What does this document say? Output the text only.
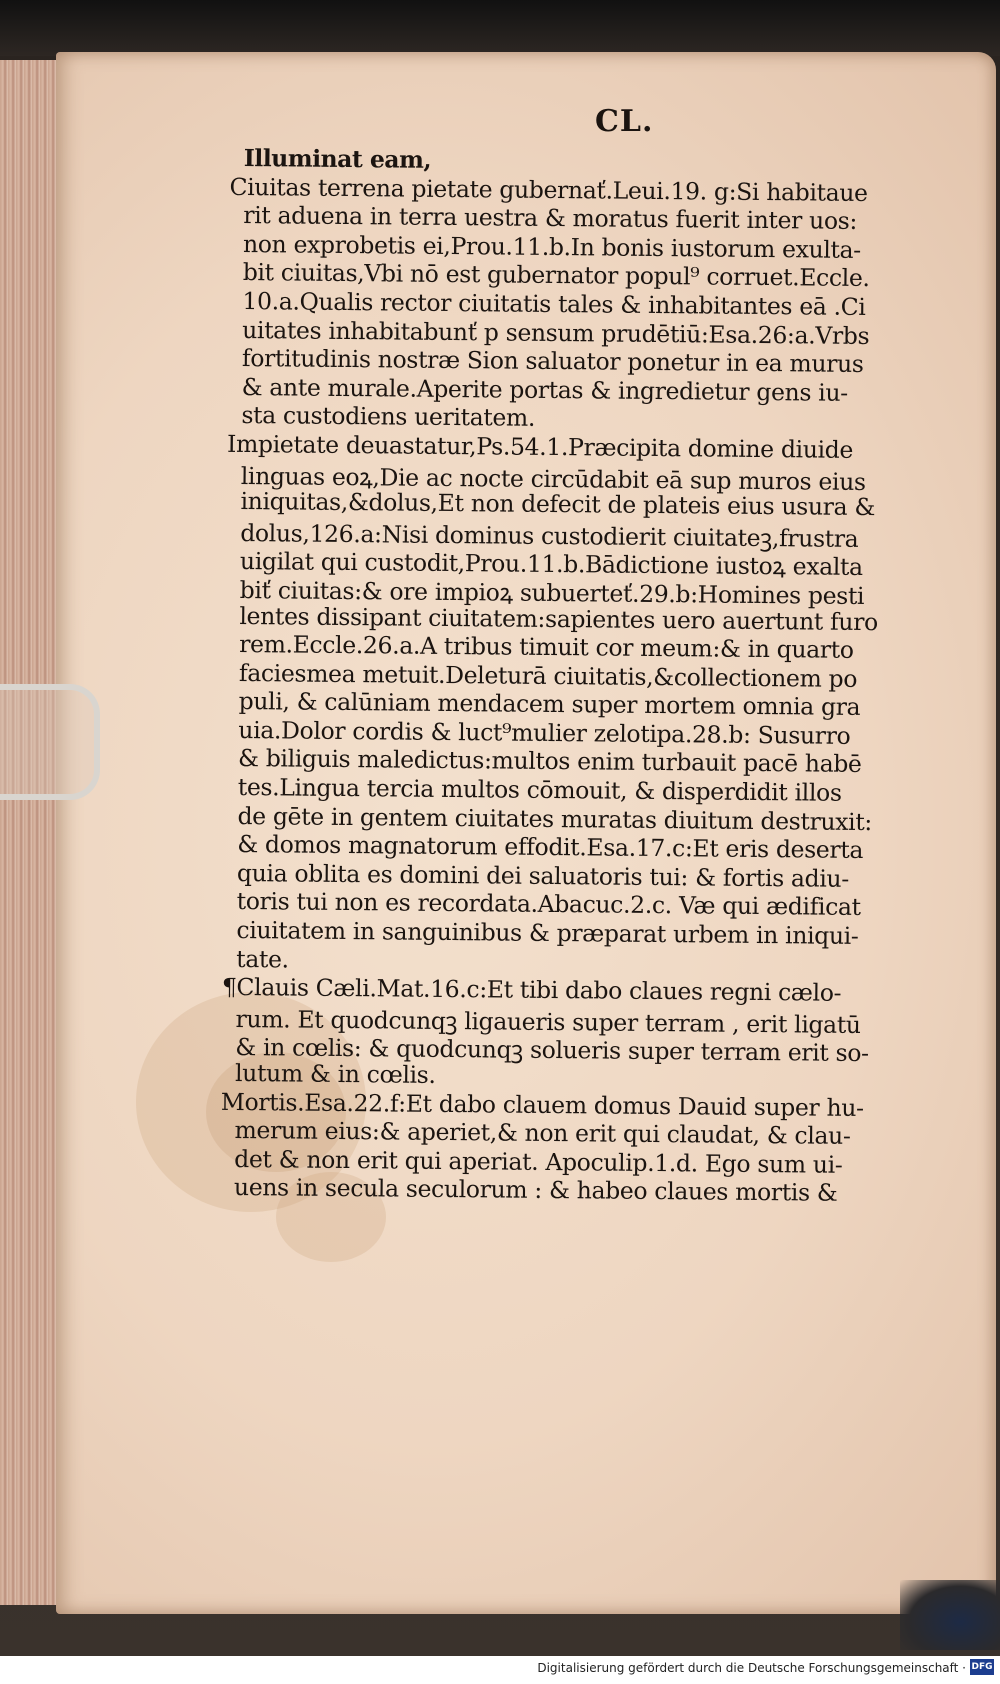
CL.
Illuminat eam,
Ciuitas terrena pietate gubernať.Leui.19. g:Si habitaue
rit aduena in terra uestra & moratus fuerit inter uos:
non exprobetis ei,Prou.11.b.In bonis iustorum exulta-
bit ciuitas,Vbi nō est gubernator popul⁹ corruet.Eccle.
10.a.Qualis rector ciuitatis tales & inhabitantes eā .Ci
uitates inhabitabunť p sensum prudētiū:Esa.26:a.Vrbs
fortitudinis nostræ Sion saluator ponetur in ea murus
& ante murale.Aperite portas & ingredietur gens iu-
sta custodiens ueritatem.
Impietate deuastatur,Ps.54.1.Præcipita domine diuide
linguas eoꝝ,Die ac nocte circūdabit eā sup muros eius
iniquitas,&dolus,Et non defecit de plateis eius usura &
dolus,126.a:Nisi dominus custodierit ciuitateꝫ,frustra
uigilat qui custodit,Prou.11.b.Bādictione iustoꝝ exalta
biť ciuitas:& ore impioꝝ subuerteť.29.b:Homines pesti
lentes dissipant ciuitatem:sapientes uero auertunt furo
rem.Eccle.26.a.A tribus timuit cor meum:& in quarto
faciesmea metuit.Deleturā ciuitatis,&collectionem po
puli, & calūniam mendacem super mortem omnia gra
uia.Dolor cordis & luct⁹mulier zelotipa.28.b: Susurro
& biliguis maledictus:multos enim turbauit pacē habē
tes.Lingua tercia multos cōmouit, & disperdidit illos
de gēte in gentem ciuitates muratas diuitum destruxit:
& domos magnatorum effodit.Esa.17.c:Et eris deserta
quia oblita es domini dei saluatoris tui: & fortis adiu-
toris tui non es recordata.Abacuc.2.c. Væ qui ædificat
ciuitatem in sanguinibus & præparat urbem in iniqui-
tate.
¶Clauis Cæli.Mat.16.c:Et tibi dabo claues regni cælo-
rum. Et quodcunqꝫ ligaueris super terram , erit ligatū
& in cœlis: & quodcunqꝫ solueris super terram erit so-
lutum & in cœlis.
Mortis.Esa.22.f:Et dabo clauem domus Dauid super hu-
merum eius:& aperiet,& non erit qui claudat, & clau-
det & non erit qui aperiat. Apoculip.1.d. Ego sum ui-
uens in secula seculorum : & habeo claues mortis &
Digitalisierung gefördert durch die Deutsche Forschungsgemeinschaft · DFG
